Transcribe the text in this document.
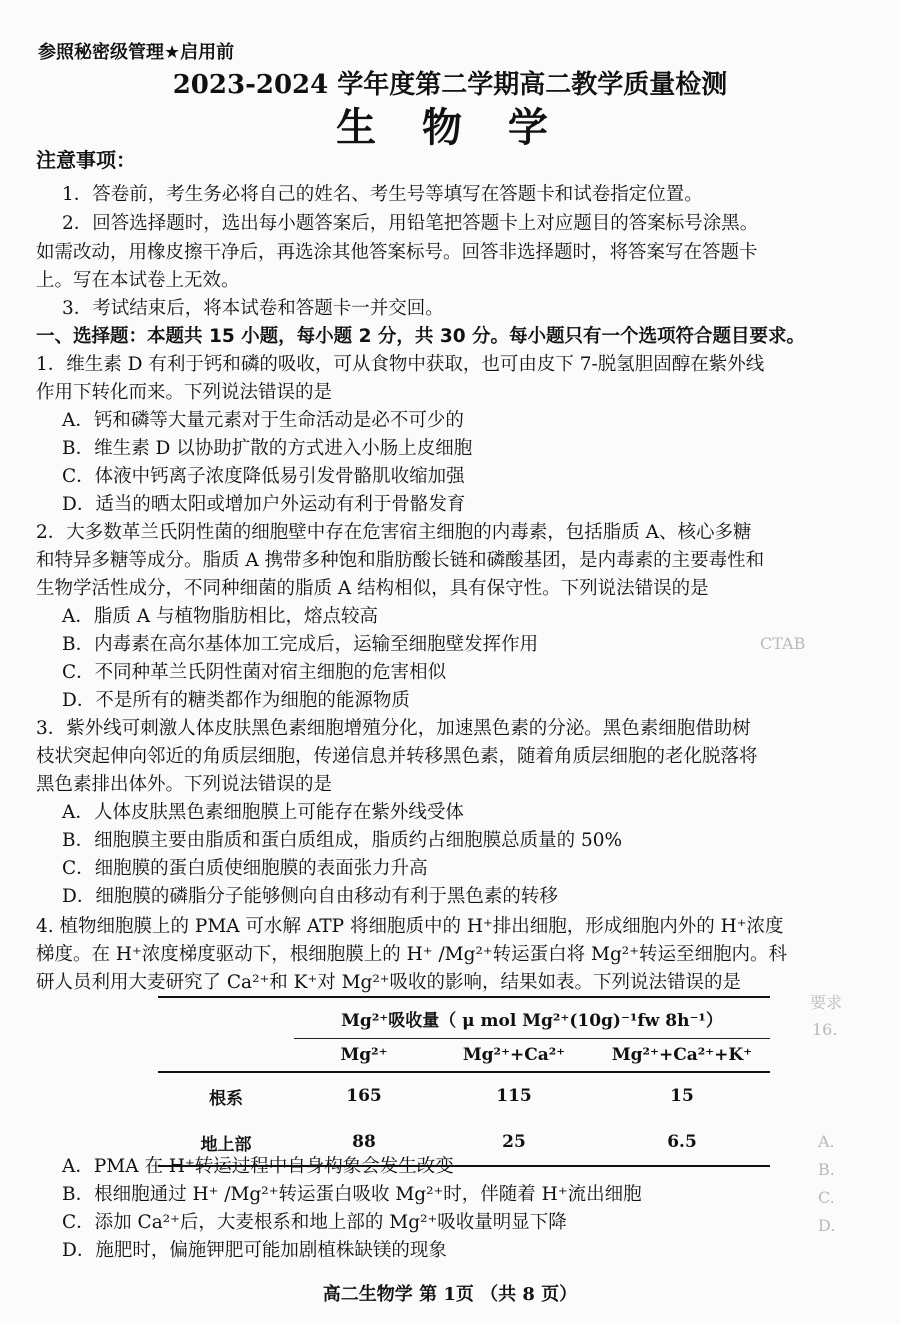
参照秘密级管理★启用前
2023-2024 学年度第二学期高二教学质量检测
生 物 学
注意事项：
1．答卷前，考生务必将自己的姓名、考生号等填写在答题卡和试卷指定位置。
2．回答选择题时，选出每小题答案后，用铅笔把答题卡上对应题目的答案标号涂黑。
如需改动，用橡皮擦干净后，再选涂其他答案标号。回答非选择题时，将答案写在答题卡
上。写在本试卷上无效。
3．考试结束后，将本试卷和答题卡一并交回。
一、选择题：本题共 15 小题，每小题 2 分，共 30 分。每小题只有一个选项符合题目要求。
1．维生素 D 有利于钙和磷的吸收，可从食物中获取，也可由皮下 7-脱氢胆固醇在紫外线
作用下转化而来。下列说法错误的是
A．钙和磷等大量元素对于生命活动是必不可少的
B．维生素 D 以协助扩散的方式进入小肠上皮细胞
C．体液中钙离子浓度降低易引发骨骼肌收缩加强
D．适当的晒太阳或增加户外运动有利于骨骼发育
2．大多数革兰氏阴性菌的细胞壁中存在危害宿主细胞的内毒素，包括脂质 A、核心多糖
和特异多糖等成分。脂质 A 携带多种饱和脂肪酸长链和磷酸基团，是内毒素的主要毒性和
生物学活性成分，不同种细菌的脂质 A 结构相似，具有保守性。下列说法错误的是
A．脂质 A 与植物脂肪相比，熔点较高
B．内毒素在高尔基体加工完成后，运输至细胞壁发挥作用
C．不同种革兰氏阴性菌对宿主细胞的危害相似
D．不是所有的糖类都作为细胞的能源物质
3．紫外线可刺激人体皮肤黑色素细胞增殖分化，加速黑色素的分泌。黑色素细胞借助树
枝状突起伸向邻近的角质层细胞，传递信息并转移黑色素，随着角质层细胞的老化脱落将
黑色素排出体外。下列说法错误的是
A．人体皮肤黑色素细胞膜上可能存在紫外线受体
B．细胞膜主要由脂质和蛋白质组成，脂质约占细胞膜总质量的 50%
C．细胞膜的蛋白质使细胞膜的表面张力升高
D．细胞膜的磷脂分子能够侧向自由移动有利于黑色素的转移
4. 植物细胞膜上的 PMA 可水解 ATP 将细胞质中的 H⁺排出细胞，形成细胞内外的 H⁺浓度
梯度。在 H⁺浓度梯度驱动下，根细胞膜上的 H⁺ /Mg²⁺转运蛋白将 Mg²⁺转运至细胞内。科
研人员利用大麦研究了 Ca²⁺和 K⁺对 Mg²⁺吸收的影响，结果如表。下列说法错误的是
	Mg²⁺吸收量（ μ mol Mg²⁺(10g)⁻¹fw 8h⁻¹）		
	Mg²⁺	Mg²⁺+Ca²⁺	Mg²⁺+Ca²⁺+K⁺
根系	165	115	15
地上部	88	25	6.5
A．PMA 在 H⁺转运过程中自身构象会发生改变
B．根细胞通过 H⁺ /Mg²⁺转运蛋白吸收 Mg²⁺时，伴随着 H⁺流出细胞
C．添加 Ca²⁺后，大麦根系和地上部的 Mg²⁺吸收量明显下降
D．施肥时，偏施钾肥可能加剧植株缺镁的现象
CTAB
要求
16.
A.
B.
C.
D.
高二生物学 第 1页 （共 8 页）
